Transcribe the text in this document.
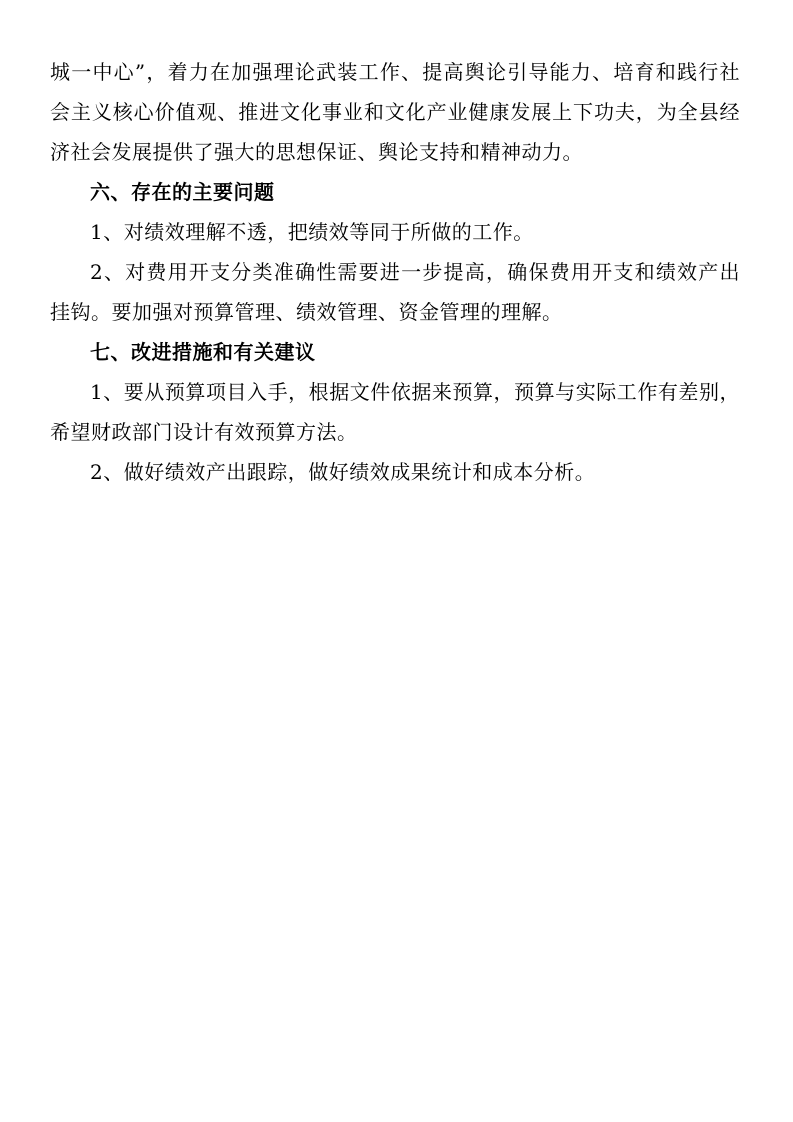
城一中心”，着力在加强理论武装工作、提高舆论引导能力、培育和践行社
会主义核心价值观、推进文化事业和文化产业健康发展上下功夫，为全县经
济社会发展提供了强大的思想保证、舆论支持和精神动力。
六、存在的主要问题
1、对绩效理解不透，把绩效等同于所做的工作。
2、对费用开支分类准确性需要进一步提高，确保费用开支和绩效产出
挂钩。要加强对预算管理、绩效管理、资金管理的理解。
七、改进措施和有关建议
1、要从预算项目入手，根据文件依据来预算，预算与实际工作有差别，
希望财政部门设计有效预算方法。
2、做好绩效产出跟踪，做好绩效成果统计和成本分析。
